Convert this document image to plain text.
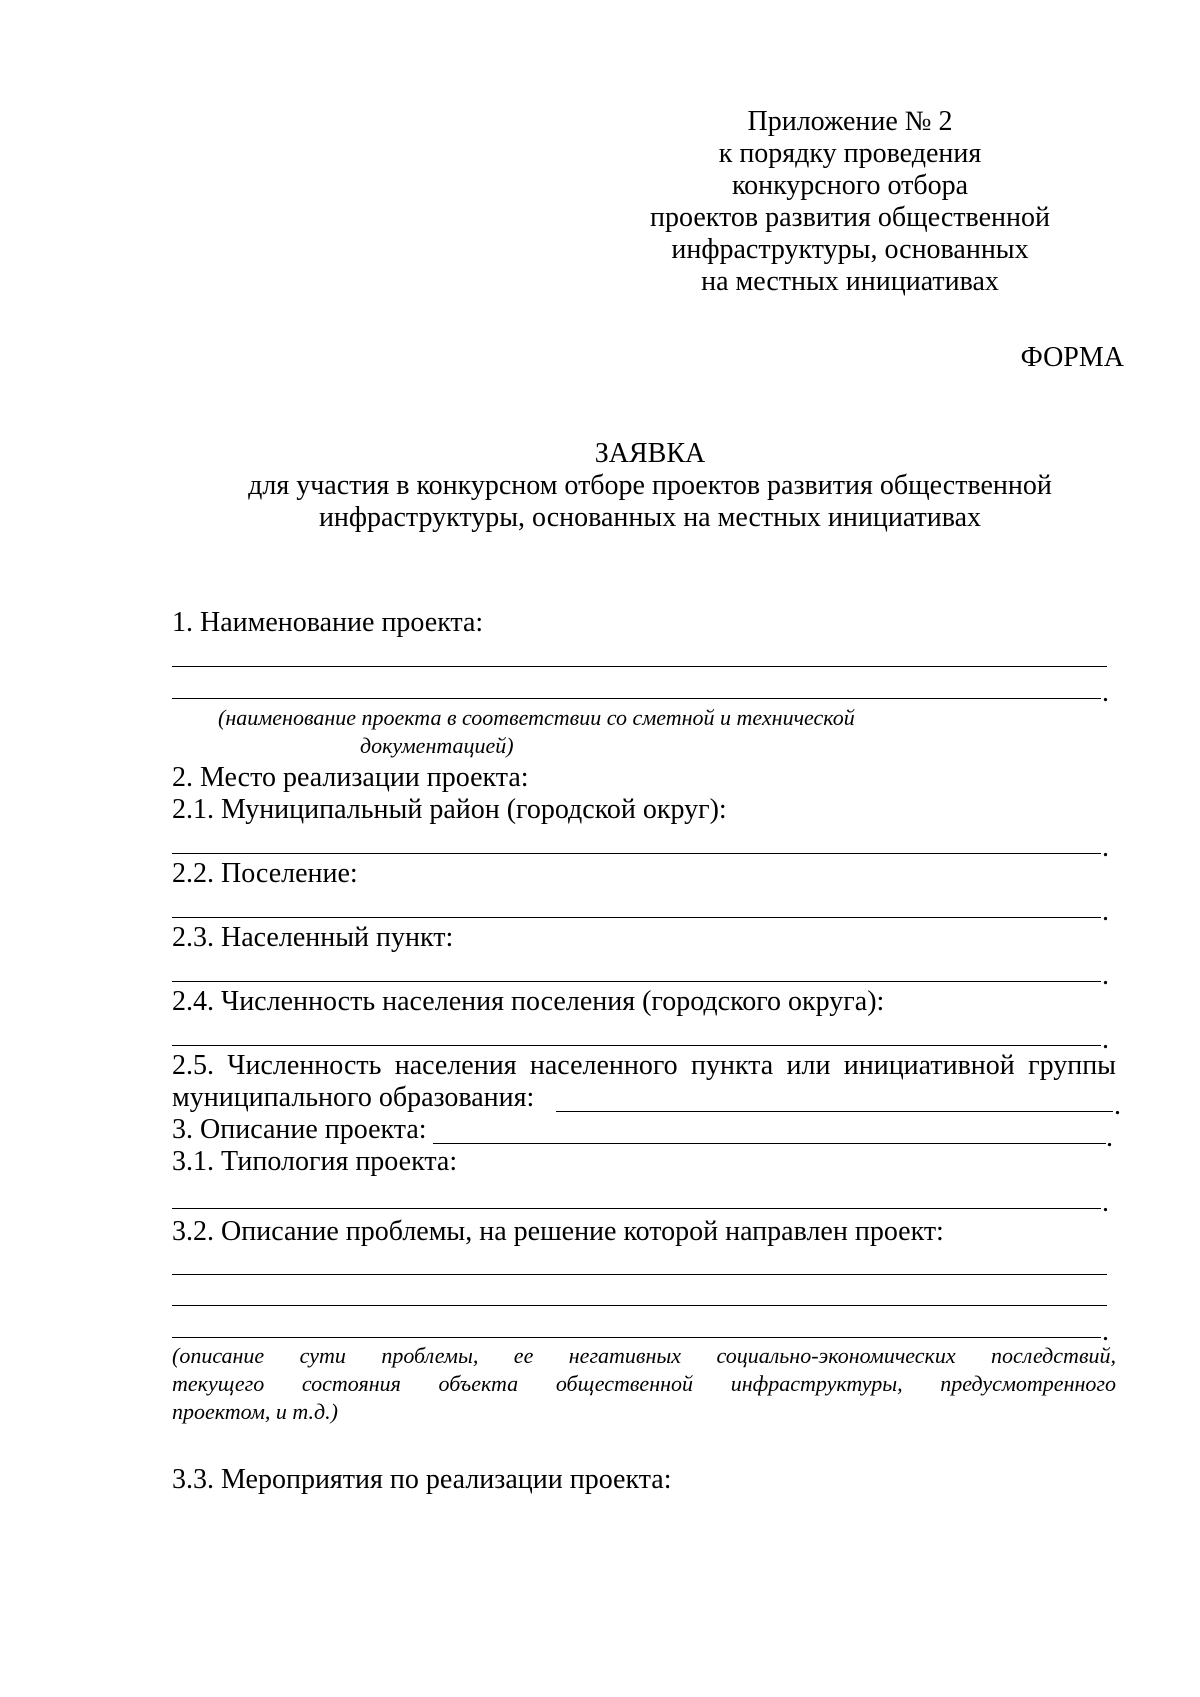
Приложение № 2
к порядку проведения
конкурсного отбора
проектов развития общественной
инфраструктуры, основанных
на местных инициативах
ФОРМА
ЗАЯВКА
для участия в конкурсном отборе проектов развития общественной
инфраструктуры, основанных на местных инициативах
1. Наименование проекта:
.
(наименование проекта в соответствии со сметной и технической
документацией)
2. Место реализации проекта:
2.1. Муниципальный район (городской округ):
.
2.2. Поселение:
.
2.3. Населенный пункт:
.
2.4. Численность населения поселения (городского округа):
.
2.5. Численность населения населенного пункта или инициативной группы
муниципального образования:	.
3. Описание проекта:	.
3.1. Типология проекта:
.
3.2. Описание проблемы, на решение которой направлен проект:
.
(описание сути проблемы, ее негативных социально-экономических последствий,
текущего состояния объекта общественной инфраструктуры, предусмотренного
проектом, и т.д.)
3.3. Мероприятия по реализации проекта:
